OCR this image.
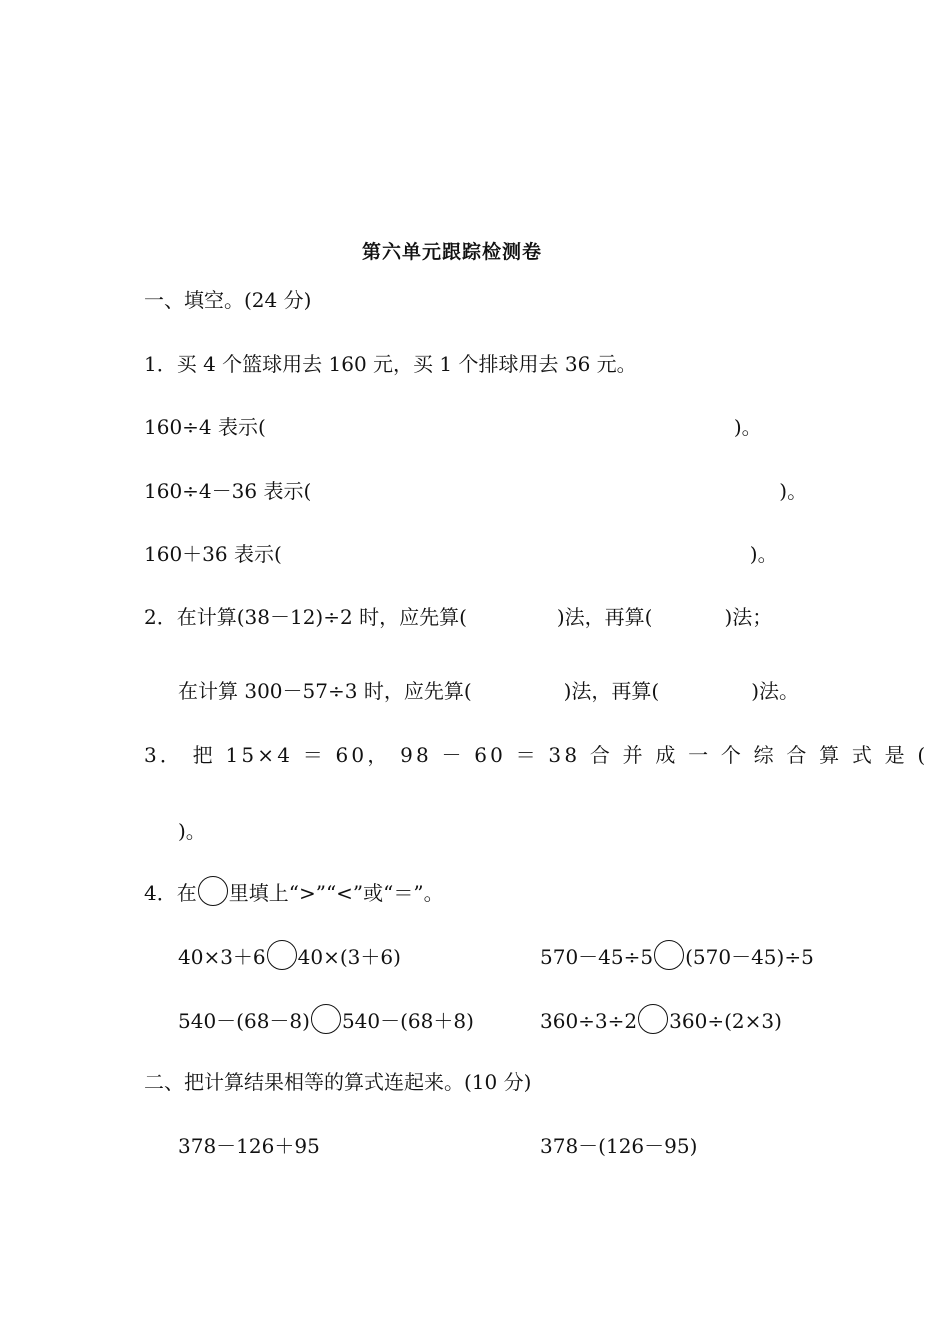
第六单元跟踪检测卷
一、填空。(24 分)
1．买 4 个篮球用去 160 元，买 1 个排球用去 36 元。
160÷4 表示(	)。
160÷4－36 表示(	)。
160＋36 表示(	)。
2．在计算(38－12)÷2 时，应先算(	)法，再算(	)法；
在计算 300－57÷3 时，应先算(	)法，再算(	)法。
3． 把 15×4 ＝ 60， 98 － 60 ＝ 38 合 并 成 一 个 综 合 算 式 是 (
)。
4．在 里填上“>”“<”或“＝”。
40×3＋6 40×(3＋6)	570－45÷5 (570－45)÷5
540－(68－8) 540－(68＋8)	360÷3÷2 360÷(2×3)
二、把计算结果相等的算式连起来。(10 分)
378－126＋95	378－(126－95)
